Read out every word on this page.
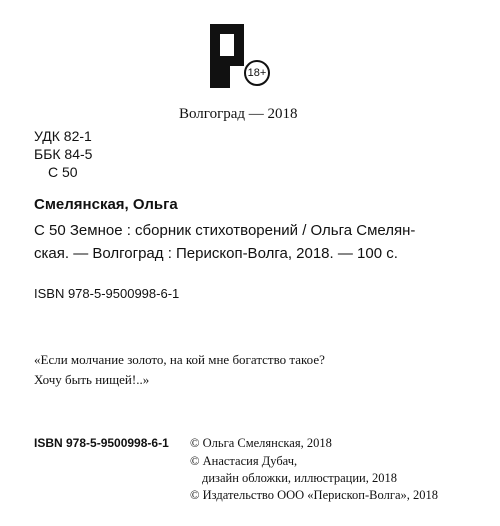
18+
Волгоград — 2018
УДК 82-1
ББК 84-5
С 50
Смелянская, Ольга
С 50 Земное : сборник стихотворений / Ольга Смелян-
ская. — Волгоград : Перископ-Волга, 2018. — 100 с.
ISBN 978-5-9500998-6-1
«Если молчание золото, на кой мне богатство такое?
Хочу быть нищей!..»
ISBN 978-5-9500998-6-1 © Ольга Смелянская, 2018
© Анастасия Дубач,
дизайн обложки, иллюстрации, 2018
© Издательство ООО «Перископ-Волга», 2018
